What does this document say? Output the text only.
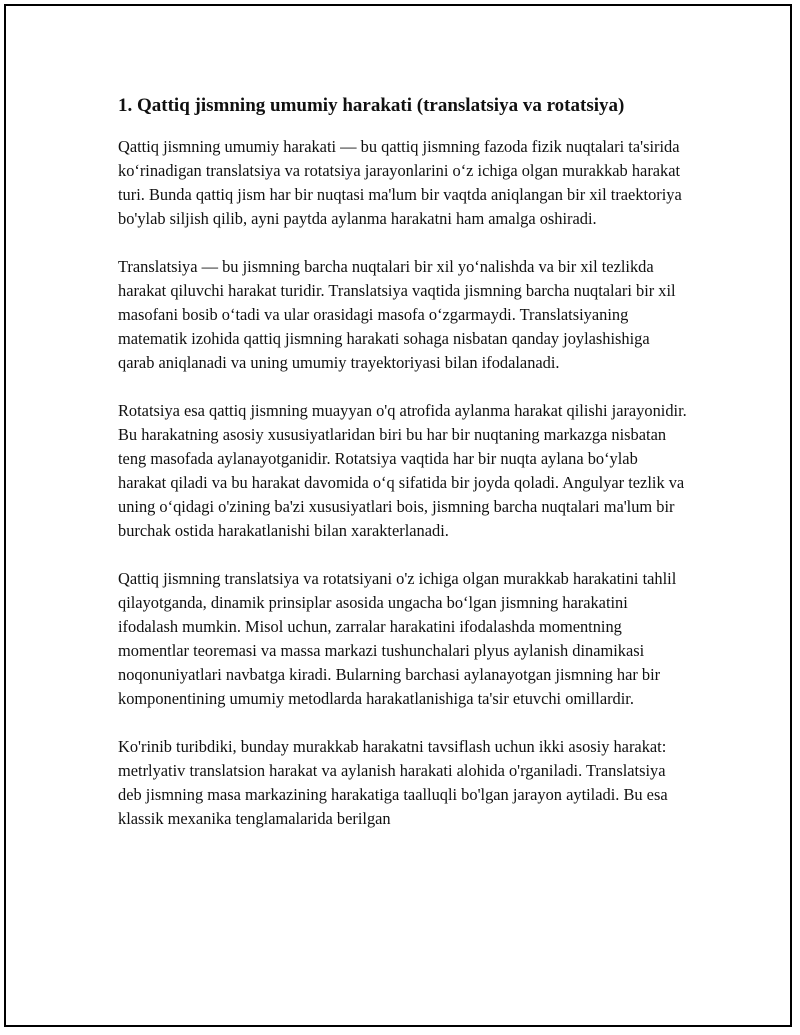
1. Qattiq jismning umumiy harakati (translatsiya va rotatsiya)

Qattiq jismning umumiy harakati — bu qattiq jismning fazoda fizik nuqtalari ta'sirida ko‘rinadigan translatsiya va rotatsiya jarayonlarini o‘z ichiga olgan murakkab harakat turi. Bunda qattiq jism har bir nuqtasi ma'lum bir vaqtda aniqlangan bir xil traektoriya bo'ylab siljish qilib, ayni paytda aylanma harakatni ham amalga oshiradi.

Translatsiya — bu jismning barcha nuqtalari bir xil yo‘nalishda va bir xil tezlikda harakat qiluvchi harakat turidir. Translatsiya vaqtida jismning barcha nuqtalari bir xil masofani bosib o‘tadi va ular orasidagi masofa o‘zgarmaydi. Translatsiyaning matematik izohida qattiq jismning harakati sohaga nisbatan qanday joylashishiga qarab aniqlanadi va uning umumiy trayektoriyasi bilan ifodalanadi.

Rotatsiya esa qattiq jismning muayyan o'q atrofida aylanma harakat qilishi jarayonidir. Bu harakatning asosiy xususiyatlaridan biri bu har bir nuqtaning markazga nisbatan teng masofada aylanayotganidir. Rotatsiya vaqtida har bir nuqta aylana bo‘ylab harakat qiladi va bu harakat davomida o‘q sifatida bir joyda qoladi. Angulyar tezlik va uning o‘qidagi o'zining ba'zi xususiyatlari bois, jismning barcha nuqtalari ma'lum bir burchak ostida harakatlanishi bilan xarakterlanadi.

Qattiq jismning translatsiya va rotatsiyani o'z ichiga olgan murakkab harakatini tahlil qilayotganda, dinamik prinsiplar asosida ungacha bo‘lgan jismning harakatini ifodalash mumkin. Misol uchun, zarralar harakatini ifodalashda momentning momentlar teoremasi va massa markazi tushunchalari plyus aylanish dinamikasi noqonuniyatlari navbatga kiradi. Bularning barchasi aylanayotgan jismning har bir komponentining umumiy metodlarda harakatlanishiga ta'sir etuvchi omillardir.

Ko'rinib turibdiki, bunday murakkab harakatni tavsiflash uchun ikki asosiy harakat: metrlyativ translatsion harakat va aylanish harakati alohida o'rganiladi. Translatsiya deb jismning masa markazining harakatiga taalluqli bo'lgan jarayon aytiladi. Bu esa klassik mexanika tenglamalarida berilgan
